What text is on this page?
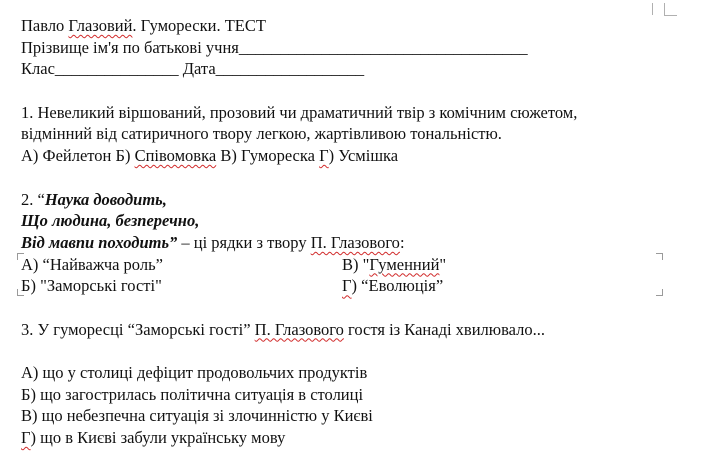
Павло Глазовий. Гуморески. ТЕСТ
Прізвище ім'я по батькові учня___________________________________
Клас_______________ Дата__________________
1. Невеликий віршований, прозовий чи драматичний твір з комічним сюжетом,
відмінний від сатиричного твору легкою, жартівливою тональністю.
А) Фейлетон Б) Співомовка В) Гумореска Г) Усмішка
2. “Наука доводить,
Що людина, безперечно,
Від мавпи походить” – ці рядки з твору П. Глазового:
А) “Найважча роль”	В) "Гуменний"
Б) "Заморські гості"	Г) “Еволюція”
3. У гуморесці “Заморські гості” П. Глазового гостя із Канаді хвилювало...
А) що у столиці дефіцит продовольчих продуктів
Б) що загострилась політична ситуація в столиці
В) що небезпечна ситуація зі злочинністю у Києві
Г) що в Києві забули українську мову
